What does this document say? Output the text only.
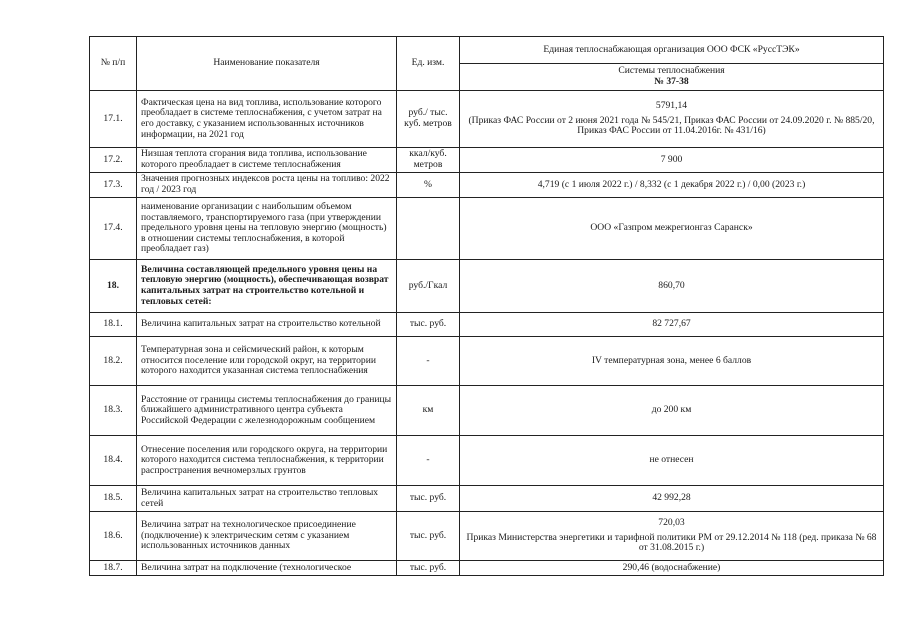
№ п/п	Наименование показателя	Ед. изм.	Единая теплоснабжающая организация ООО ФСК «РуссТЭК»

			Системы теплоснабжения
№ 37-38

17.1.	Фактическая цена на вид топлива, использование которого преобладает в системе теплоснабжения, с учетом затрат на его доставку, с указанием использованных источников информации, на 2021 год	руб./ тыс. куб. метров	5791,14
(Приказ ФАС России от 2 июня 2021 года № 545/21, Приказ ФАС России от 24.09.2020 г. № 885/20, Приказ ФАС России от 11.04.2016г. № 431/16)

17.2.	Низшая теплота сгорания вида топлива, использование которого преобладает в системе теплоснабжения	ккал/куб. метров	7 900

17.3.	Значения прогнозных индексов роста цены на топливо: 2022 год / 2023 год	%	4,719 (с 1 июля 2022 г.) / 8,332 (с 1 декабря 2022 г.) / 0,00 (2023 г.)

17.4.	наименование организации с наибольшим объемом поставляемого, транспортируемого газа (при утверждении предельного уровня цены на тепловую энергию (мощность) в отношении системы теплоснабжения, в которой преобладает газ)		ООО «Газпром межрегионгаз Саранск»

18.	Величина составляющей предельного уровня цены на тепловую энергию (мощность), обеспечивающая возврат капитальных затрат на строительство котельной и тепловых сетей:	руб./Гкал	860,70

18.1.	Величина капитальных затрат на строительство котельной	тыс. руб.	82 727,67

18.2.	Температурная зона и сейсмический район, к которым относится поселение или городской округ, на территории которого находится указанная система теплоснабжения	-	IV температурная зона, менее 6 баллов

18.3.	Расстояние от границы системы теплоснабжения до границы ближайшего административного центра субъекта Российской Федерации с железнодорожным сообщением	км	до 200 км

18.4.	Отнесение поселения или городского округа, на территории которого находится система теплоснабжения, к территории распространения вечномерзлых грунтов	-	не отнесен

18.5.	Величина капитальных затрат на строительство тепловых сетей	тыс. руб.	42 992,28

18.6.	Величина затрат на технологическое присоединение (подключение) к электрическим сетям с указанием использованных источников данных	тыс. руб.	720,03
Приказ Министерства энергетики и тарифной политики РМ от 29.12.2014 № 118 (ред. приказа № 68 от 31.08.2015 г.)

18.7.	Величина затрат на подключение (технологическое	тыс. руб.	290,46 (водоснабжение)
